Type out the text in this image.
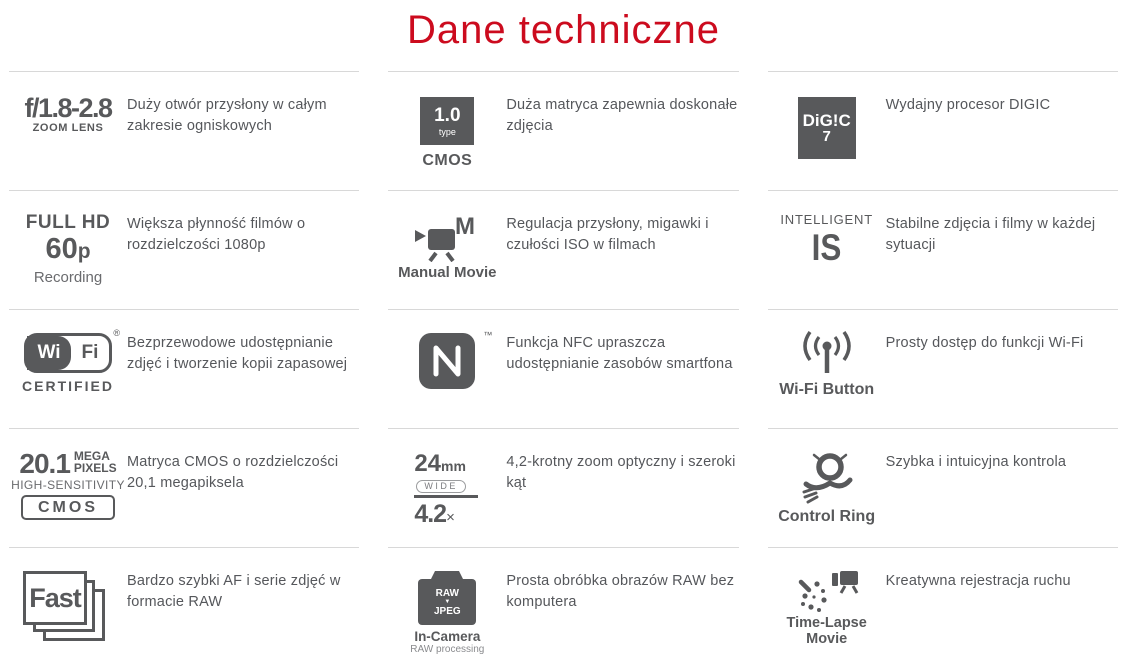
Dane techniczne
f/1.8-2.8
ZOOM LENS

Duży otwór przysłony w całym zakresie ogniskowych

1.0
type
CMOS

Duża matryca zapewnia doskonałe zdjęcia	DiG!C
7

Wydajny procesor DIGIC

FULL HD
60p
Recording

Większa płynność filmów o rozdzielczości 1080p

M
Manual Movie

Regulacja przysłony, migawki i czułości ISO w filmach

INTELLIGENT
IS

Stabilne zdjęcia i filmy w każdej sytuacji

Wi	Fi
®
CERTIFIED

Bezprzewodowe udostępnianie zdjęć i tworzenie kopii zapasowej

™ Funkcja NFC upraszcza udostępnianie zasobów smartfona

Wi-Fi Button

Prosty dostęp do funkcji Wi-Fi

20.1 MEGA
PIXELS
HIGH-SENSITIVITY
CMOS

Matryca CMOS o rozdzielczości 20,1 megapiksela

24mm
WIDE
4.2×

4,2-krotny zoom optyczny i szeroki kąt

Control Ring

Szybka i intuicyjna kontrola

Fast

Bardzo szybki AF i serie zdjęć w formacie RAW

RAW
▼
JPEG
In-Camera
RAW processing

Prosta obróbka obrazów RAW bez komputera

Time-Lapse
Movie

Kreatywna rejestracja ruchu
